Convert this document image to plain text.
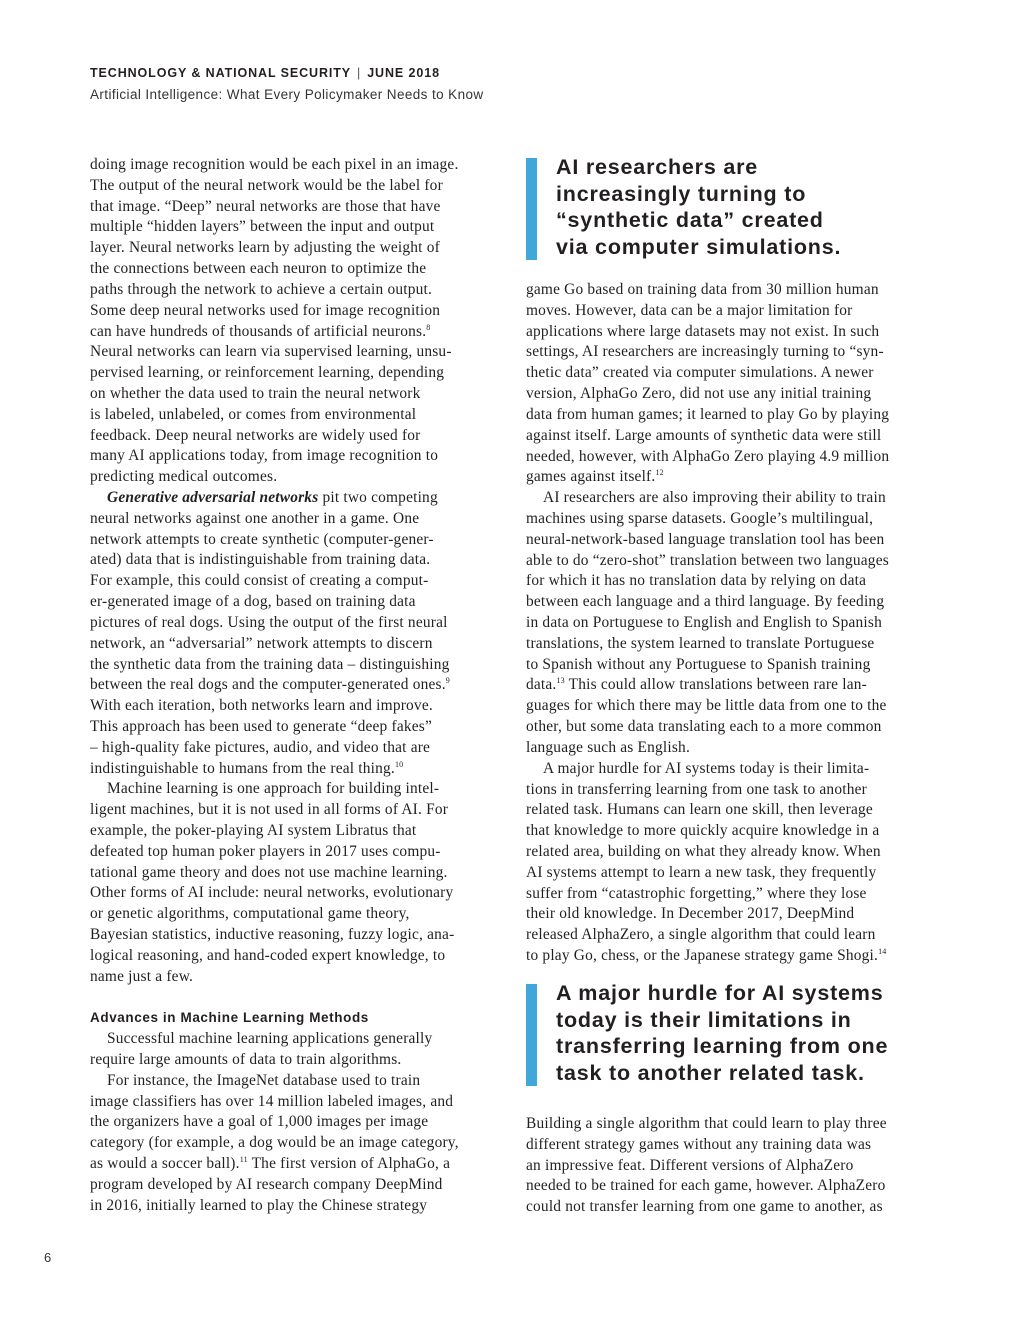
TECHNOLOGY & NATIONAL SECURITY | JUNE 2018
Artificial Intelligence: What Every Policymaker Needs to Know
doing image recognition would be each pixel in an image.
The output of the neural network would be the label for
that image. “Deep” neural networks are those that have
multiple “hidden layers” between the input and output
layer. Neural networks learn by adjusting the weight of
the connections between each neuron to optimize the
paths through the network to achieve a certain output.
Some deep neural networks used for image recognition
can have hundreds of thousands of artificial neurons.$^8$
Neural networks can learn via supervised learning, unsu-
pervised learning, or reinforcement learning, depending
on whether the data used to train the neural network
is labeled, unlabeled, or comes from environmental
feedback. Deep neural networks are widely used for
many AI applications today, from image recognition to
predicting medical outcomes.
Generative adversarial networks pit two competing
neural networks against one another in a game. One
network attempts to create synthetic (computer-gener-
ated) data that is indistinguishable from training data.
For example, this could consist of creating a comput-
er-generated image of a dog, based on training data
pictures of real dogs. Using the output of the first neural
network, an “adversarial” network attempts to discern
the synthetic data from the training data – distinguishing
between the real dogs and the computer-generated ones.$^9$
With each iteration, both networks learn and improve.
This approach has been used to generate “deep fakes”
– high-quality fake pictures, audio, and video that are
indistinguishable to humans from the real thing.$^{10}$
Machine learning is one approach for building intel-
ligent machines, but it is not used in all forms of AI. For
example, the poker-playing AI system Libratus that
defeated top human poker players in 2017 uses compu-
tational game theory and does not use machine learning.
Other forms of AI include: neural networks, evolutionary
or genetic algorithms, computational game theory,
Bayesian statistics, inductive reasoning, fuzzy logic, ana-
logical reasoning, and hand-coded expert knowledge, to
name just a few.
Advances in Machine Learning Methods
Successful machine learning applications generally
require large amounts of data to train algorithms.
For instance, the ImageNet database used to train
image classifiers has over 14 million labeled images, and
the organizers have a goal of 1,000 images per image
category (for example, a dog would be an image category,
as would a soccer ball).$^{11}$ The first version of AlphaGo, a
program developed by AI research company DeepMind
in 2016, initially learned to play the Chinese strategy
AI researchers are
increasingly turning to
“synthetic data” created
via computer simulations.
game Go based on training data from 30 million human
moves. However, data can be a major limitation for
applications where large datasets may not exist. In such
settings, AI researchers are increasingly turning to “syn-
thetic data” created via computer simulations. A newer
version, AlphaGo Zero, did not use any initial training
data from human games; it learned to play Go by playing
against itself. Large amounts of synthetic data were still
needed, however, with AlphaGo Zero playing 4.9 million
games against itself.$^{12}$
AI researchers are also improving their ability to train
machines using sparse datasets. Google’s multilingual,
neural-network-based language translation tool has been
able to do “zero-shot” translation between two languages
for which it has no translation data by relying on data
between each language and a third language. By feeding
in data on Portuguese to English and English to Spanish
translations, the system learned to translate Portuguese
to Spanish without any Portuguese to Spanish training
data.$^{13}$ This could allow translations between rare lan-
guages for which there may be little data from one to the
other, but some data translating each to a more common
language such as English.
A major hurdle for AI systems today is their limita-
tions in transferring learning from one task to another
related task. Humans can learn one skill, then leverage
that knowledge to more quickly acquire knowledge in a
related area, building on what they already know. When
AI systems attempt to learn a new task, they frequently
suffer from “catastrophic forgetting,” where they lose
their old knowledge. In December 2017, DeepMind
released AlphaZero, a single algorithm that could learn
to play Go, chess, or the Japanese strategy game Shogi.$^{14}$
A major hurdle for AI systems
today is their limitations in
transferring learning from one
task to another related task.
Building a single algorithm that could learn to play three
different strategy games without any training data was
an impressive feat. Different versions of AlphaZero
needed to be trained for each game, however. AlphaZero
could not transfer learning from one game to another, as
6
